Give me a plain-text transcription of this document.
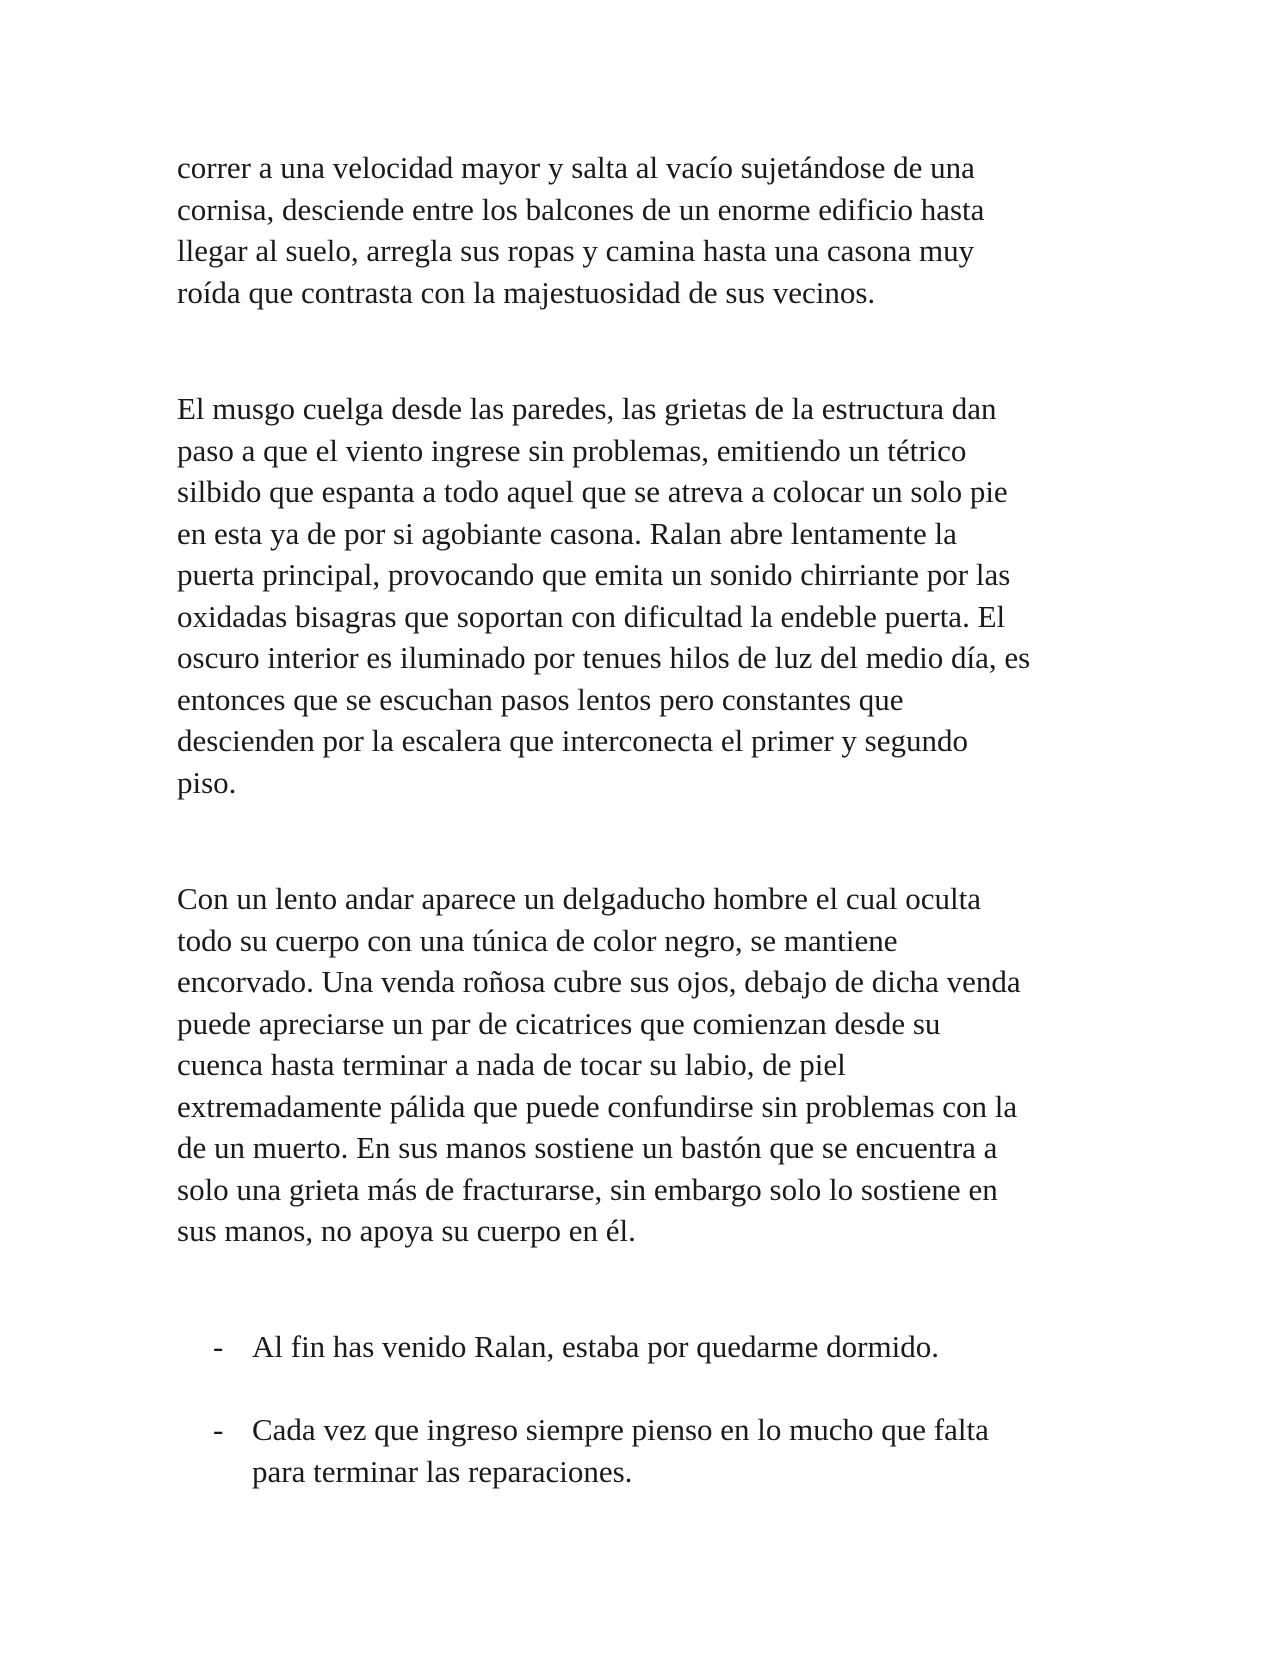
correr a una velocidad mayor y salta al vacío sujetándose de una
cornisa, desciende entre los balcones de un enorme edificio hasta
llegar al suelo, arregla sus ropas y camina hasta una casona muy
roída que contrasta con la majestuosidad de sus vecinos.

El musgo cuelga desde las paredes, las grietas de la estructura dan
paso a que el viento ingrese sin problemas, emitiendo un tétrico
silbido que espanta a todo aquel que se atreva a colocar un solo pie
en esta ya de por si agobiante casona. Ralan abre lentamente la
puerta principal, provocando que emita un sonido chirriante por las
oxidadas bisagras que soportan con dificultad la endeble puerta. El
oscuro interior es iluminado por tenues hilos de luz del medio día, es
entonces que se escuchan pasos lentos pero constantes que
descienden por la escalera que interconecta el primer y segundo
piso.

Con un lento andar aparece un delgaducho hombre el cual oculta
todo su cuerpo con una túnica de color negro, se mantiene
encorvado. Una venda roñosa cubre sus ojos, debajo de dicha venda
puede apreciarse un par de cicatrices que comienzan desde su
cuenca hasta terminar a nada de tocar su labio, de piel
extremadamente pálida que puede confundirse sin problemas con la
de un muerto. En sus manos sostiene un bastón que se encuentra a
solo una grieta más de fracturarse, sin embargo solo lo sostiene en
sus manos, no apoya su cuerpo en él.

- Al fin has venido Ralan, estaba por quedarme dormido.
- Cada vez que ingreso siempre pienso en lo mucho que falta
para terminar las reparaciones.
